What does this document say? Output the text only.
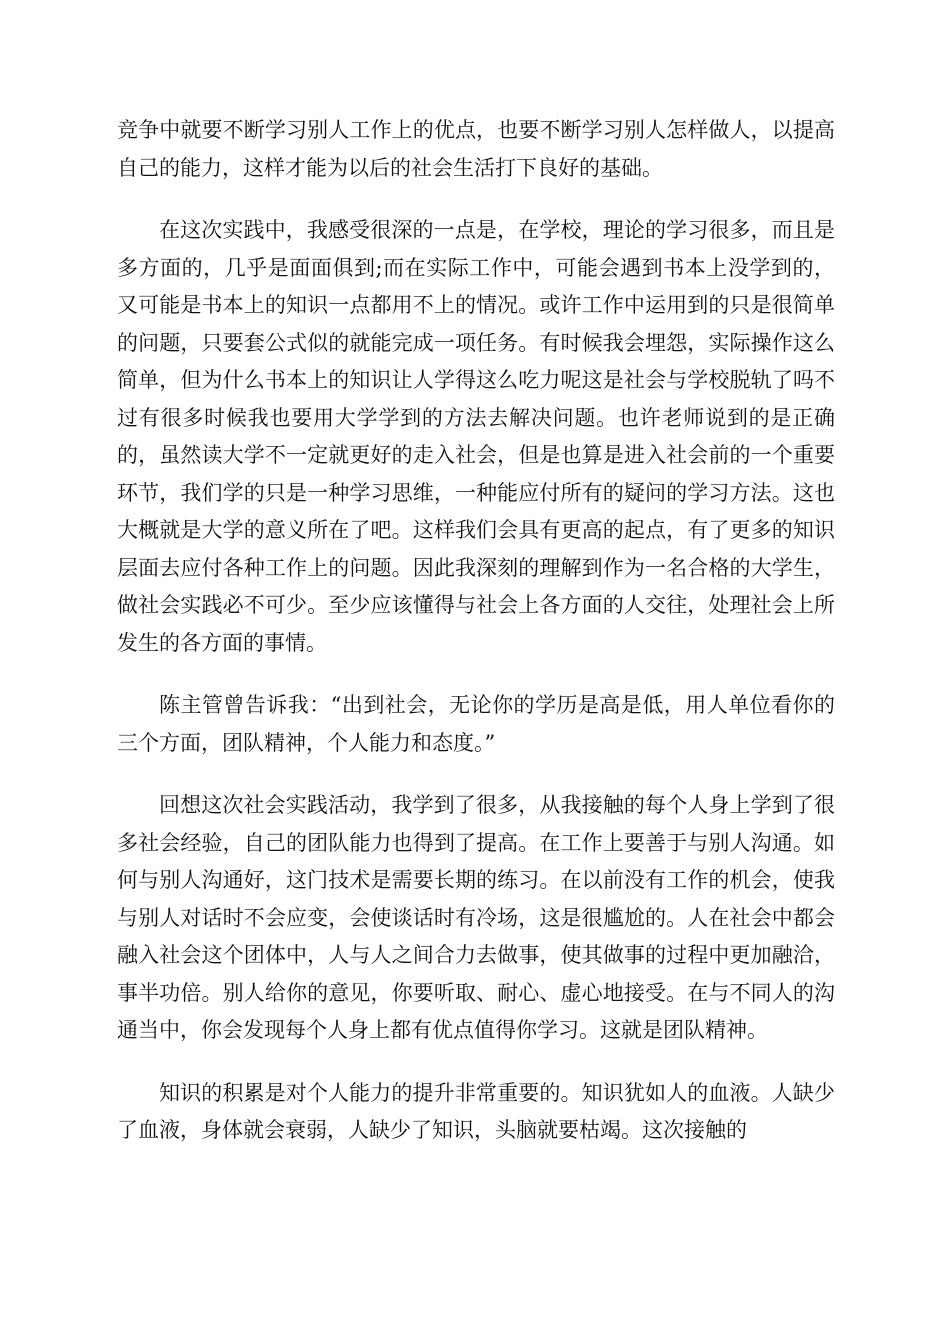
竞争中就要不断学习别人工作上的优点，也要不断学习别人怎样做人，以提高自己的能力，这样才能为以后的社会生活打下良好的基础。

在这次实践中，我感受很深的一点是，在学校，理论的学习很多，而且是多方面的，几乎是面面俱到;而在实际工作中，可能会遇到书本上没学到的，又可能是书本上的知识一点都用不上的情况。或许工作中运用到的只是很简单的问题，只要套公式似的就能完成一项任务。有时候我会埋怨，实际操作这么简单，但为什么书本上的知识让人学得这么吃力呢这是社会与学校脱轨了吗不过有很多时候我也要用大学学到的方法去解决问题。也许老师说到的是正确的，虽然读大学不一定就更好的走入社会，但是也算是进入社会前的一个重要环节，我们学的只是一种学习思维，一种能应付所有的疑问的学习方法。这也大概就是大学的意义所在了吧。这样我们会具有更高的起点，有了更多的知识层面去应付各种工作上的问题。因此我深刻的理解到作为一名合格的大学生，做社会实践必不可少。至少应该懂得与社会上各方面的人交往，处理社会上所发生的各方面的事情。

陈主管曾告诉我：“出到社会，无论你的学历是高是低，用人单位看你的三个方面，团队精神，个人能力和态度。”

回想这次社会实践活动，我学到了很多，从我接触的每个人身上学到了很多社会经验，自己的团队能力也得到了提高。在工作上要善于与别人沟通。如何与别人沟通好，这门技术是需要长期的练习。在以前没有工作的机会，使我与别人对话时不会应变，会使谈话时有冷场，这是很尴尬的。人在社会中都会融入社会这个团体中，人与人之间合力去做事，使其做事的过程中更加融洽，事半功倍。别人给你的意见，你要听取、耐心、虚心地接受。在与不同人的沟通当中，你会发现每个人身上都有优点值得你学习。这就是团队精神。

知识的积累是对个人能力的提升非常重要的。知识犹如人的血液。人缺少了血液，身体就会衰弱，人缺少了知识，头脑就要枯竭。这次接触的
